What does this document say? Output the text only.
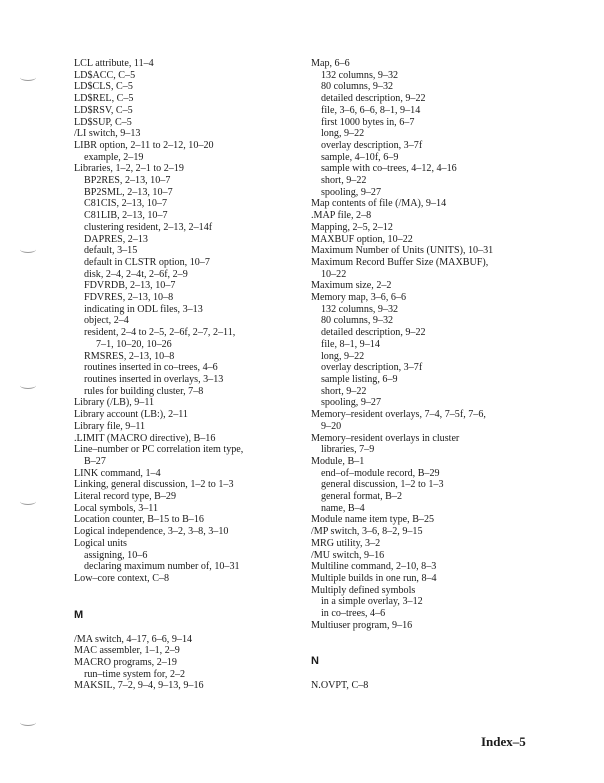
LCL attribute, 11–4
LD$ACC, C–5
LD$CLS, C–5
LD$REL, C–5
LD$RSV, C–5
LD$SUP, C–5
/LI switch, 9–13
LIBR option, 2–11 to 2–12, 10–20
example, 2–19
Libraries, 1–2, 2–1 to 2–19
BP2RES, 2–13, 10–7
BP2SML, 2–13, 10–7
C81CIS, 2–13, 10–7
C81LIB, 2–13, 10–7
clustering resident, 2–13, 2–14f
DAPRES, 2–13
default, 3–15
default in CLSTR option, 10–7
disk, 2–4, 2–4t, 2–6f, 2–9
FDVRDB, 2–13, 10–7
FDVRES, 2–13, 10–8
indicating in ODL files, 3–13
object, 2–4
resident, 2–4 to 2–5, 2–6f, 2–7, 2–11,
7–1, 10–20, 10–26
RMSRES, 2–13, 10–8
routines inserted in co–trees, 4–6
routines inserted in overlays, 3–13
rules for building cluster, 7–8
Library (/LB), 9–11
Library account (LB:), 2–11
Library file, 9–11
.LIMIT (MACRO directive), B–16
Line–number or PC correlation item type,
B–27
LINK command, 1–4
Linking, general discussion, 1–2 to 1–3
Literal record type, B–29
Local symbols, 3–11
Location counter, B–15 to B–16
Logical independence, 3–2, 3–8, 3–10
Logical units
assigning, 10–6
declaring maximum number of, 10–31
Low–core context, C–8
M
/MA switch, 4–17, 6–6, 9–14
MAC assembler, 1–1, 2–9
MACRO programs, 2–19
run–time system for, 2–2
MAKSIL, 7–2, 9–4, 9–13, 9–16
Map, 6–6
132 columns, 9–32
80 columns, 9–32
detailed description, 9–22
file, 3–6, 6–6, 8–1, 9–14
first 1000 bytes in, 6–7
long, 9–22
overlay description, 3–7f
sample, 4–10f, 6–9
sample with co–trees, 4–12, 4–16
short, 9–22
spooling, 9–27
Map contents of file (/MA), 9–14
.MAP file, 2–8
Mapping, 2–5, 2–12
MAXBUF option, 10–22
Maximum Number of Units (UNITS), 10–31
Maximum Record Buffer Size (MAXBUF),
10–22
Maximum size, 2–2
Memory map, 3–6, 6–6
132 columns, 9–32
80 columns, 9–32
detailed description, 9–22
file, 8–1, 9–14
long, 9–22
overlay description, 3–7f
sample listing, 6–9
short, 9–22
spooling, 9–27
Memory–resident overlays, 7–4, 7–5f, 7–6,
9–20
Memory–resident overlays in cluster
libraries, 7–9
Module, B–1
end–of–module record, B–29
general discussion, 1–2 to 1–3
general format, B–2
name, B–4
Module name item type, B–25
/MP switch, 3–6, 8–2, 9–15
MRG utility, 3–2
/MU switch, 9–16
Multiline command, 2–10, 8–3
Multiple builds in one run, 8–4
Multiply defined symbols
in a simple overlay, 3–12
in co–trees, 4–6
Multiuser program, 9–16
N
N.OVPT, C–8
Index–5
